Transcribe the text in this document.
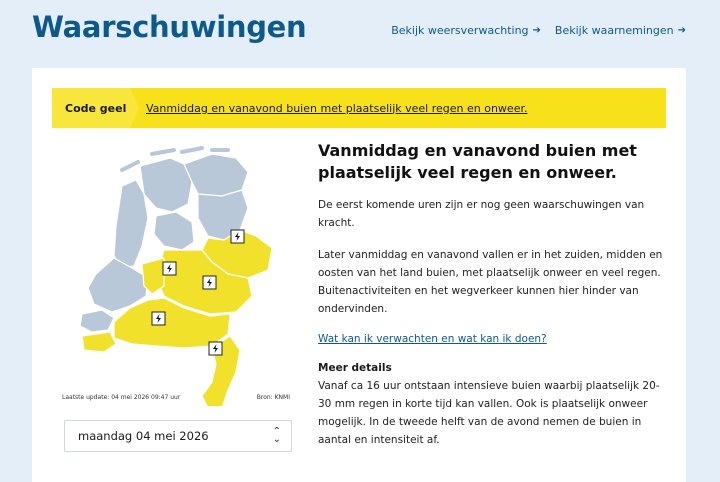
Waarschuwingen	Bekijk weersverwachting ➔ Bekijk waarnemingen ➔
Code geel	Vanmiddag en vanavond buien met plaatselijk veel regen en onweer.
Laatste update: 04 mei 2026 09:47 uur	Bron: KNMI
maandag 04 mei 2026	⌃
⌄
Vanmiddag en vanavond buien met plaatselijk veel regen en onweer.
De eerst komende uren zijn er nog geen waarschuwingen van kracht.
Later vanmiddag en vanavond vallen er in het zuiden, midden en oosten van het land buien, met plaatselijk onweer en veel regen. Buitenactiviteiten en het wegverkeer kunnen hier hinder van ondervinden.
Wat kan ik verwachten en wat kan ik doen?
Meer details
Vanaf ca 16 uur ontstaan intensieve buien waarbij plaatselijk 20-30 mm regen in korte tijd kan vallen. Ook is plaatselijk onweer mogelijk. In de tweede helft van de avond nemen de buien in aantal en intensiteit af.
